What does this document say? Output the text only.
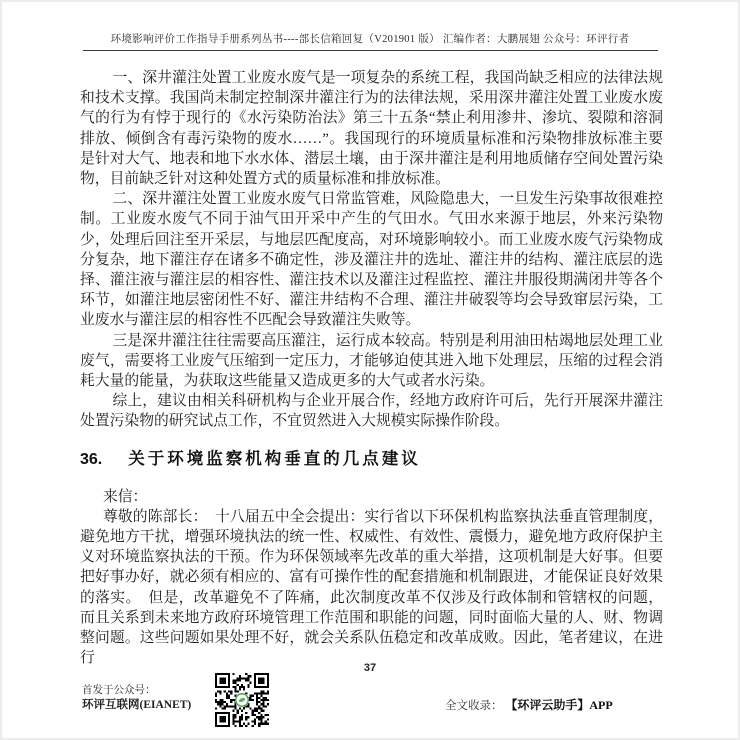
环境影响评价工作指导手册系列丛书----部长信箱回复（V201901 版） 汇编作者：大鹏展翅 公众号：环评行者

一、深井灌注处置工业废水废气是一项复杂的系统工程，我国尚缺乏相应的法律法规和技术支撑。我国尚未制定控制深井灌注行为的法律法规，采用深井灌注处置工业废水废气的行为有悖于现行的《水污染防治法》第三十五条“禁止利用渗井、渗坑、裂隙和溶洞排放、倾倒含有毒污染物的废水……”。我国现行的环境质量标准和污染物排放标准主要是针对大气、地表和地下水水体、潜层土壤，由于深井灌注是利用地质储存空间处置污染物，目前缺乏针对这种处置方式的质量标准和排放标准。

二、深井灌注处置工业废水废气日常监管难，风险隐患大，一旦发生污染事故很难控制。工业废水废气不同于油气田开采中产生的气田水。气田水来源于地层，外来污染物少，处理后回注至开采层，与地层匹配度高，对环境影响较小。而工业废水废气污染物成分复杂，地下灌注存在诸多不确定性，涉及灌注井的选址、灌注井的结构、灌注底层的选择、灌注液与灌注层的相容性、灌注技术以及灌注过程监控、灌注井服役期满闭井等各个环节，如灌注地层密闭性不好、灌注井结构不合理、灌注井破裂等均会导致窜层污染，工业废水与灌注层的相容性不匹配会导致灌注失败等。

三是深井灌注往往需要高压灌注，运行成本较高。特别是利用油田枯竭地层处理工业废气，需要将工业废气压缩到一定压力，才能够迫使其进入地下处理层，压缩的过程会消耗大量的能量，为获取这些能量又造成更多的大气或者水污染。

综上，建议由相关科研机构与企业开展合作，经地方政府许可后，先行开展深井灌注处置污染物的研究试点工作，不宜贸然进入大规模实际操作阶段。

36. 关于环境监察机构垂直的几点建议

来信：

尊敬的陈部长：　十八届五中全会提出：实行省以下环保机构监察执法垂直管理制度，避免地方干扰，增强环境执法的统一性、权威性、有效性、震慑力，避免地方政府保护主义对环境监察执法的干预。作为环保领域率先改革的重大举措，这项机制是大好事。但要把好事办好，就必须有相应的、富有可操作性的配套措施和机制跟进，才能保证良好效果的落实。　但是，改革避免不了阵痛，此次制度改革不仅涉及行政体制和管辖权的问题，而且关系到未来地方政府环境管理工作范围和职能的问题，同时面临大量的人、财、物调整问题。这些问题如果处理不好，就会关系队伍稳定和改革成败。因此，笔者建议，在进行

37
首发于公众号：
环评互联网(EIANET)	全文收录： 【环评云助手】APP
